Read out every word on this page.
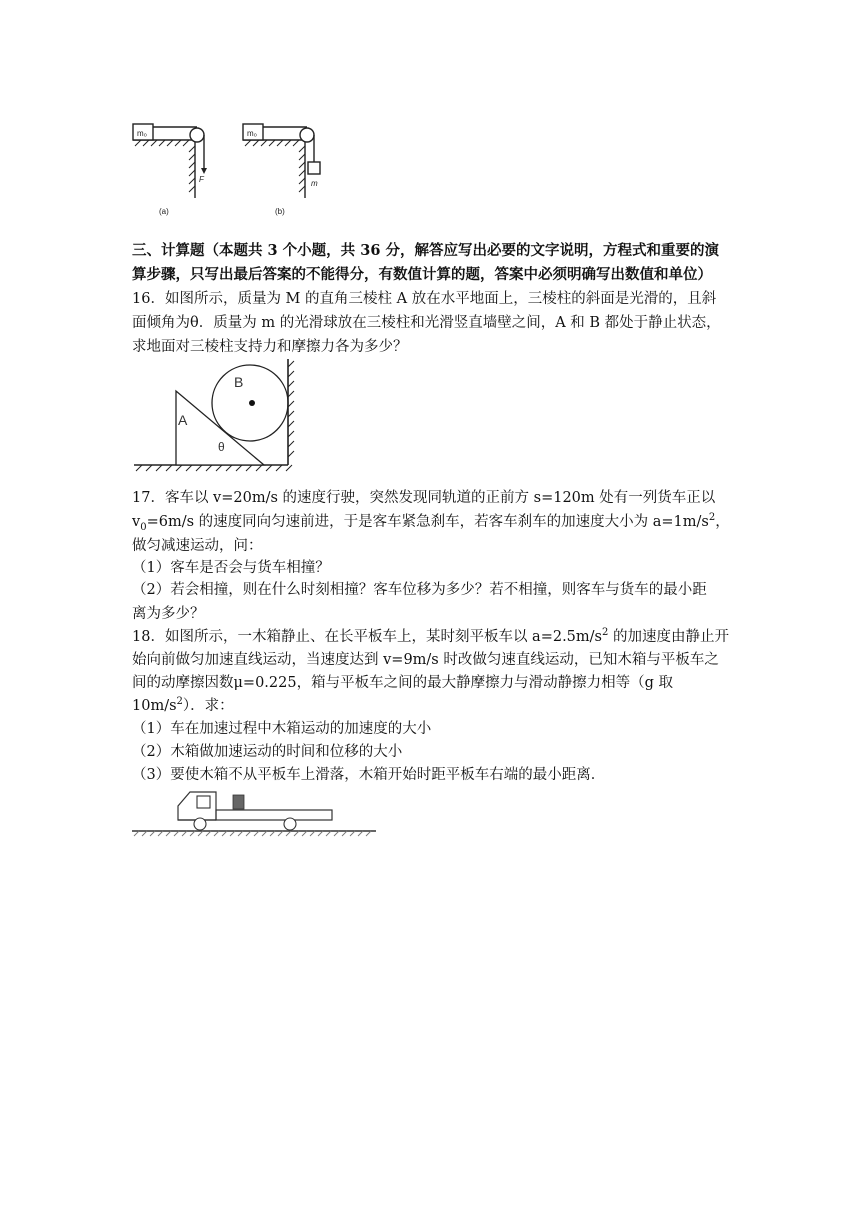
m₀
F
(a)
m₀
m
(b)
三、计算题（本题共 3 个小题，共 36 分，解答应写出必要的文字说明，方程式和重要的演
算步骤，只写出最后答案的不能得分，有数值计算的题，答案中必须明确写出数值和单位）
16．如图所示，质量为 M 的直角三棱柱 A 放在水平地面上，三棱柱的斜面是光滑的，且斜
面倾角为θ．质量为 m 的光滑球放在三棱柱和光滑竖直墙壁之间，A 和 B 都处于静止状态，
求地面对三棱柱支持力和摩擦力各为多少？
A
B
θ
17．客车以 v=20m/s 的速度行驶，突然发现同轨道的正前方 s=120m 处有一列货车正以
$v_0=6m/s$ 的速度同向匀速前进，于是客车紧急刹车，若客车刹车的加速度大小为 $a=1m/s^2$，
做匀减速运动，问：
（1）客车是否会与货车相撞？
（2）若会相撞，则在什么时刻相撞？客车位移为多少？若不相撞，则客车与货车的最小距
离为多少？
18．如图所示，一木箱静止、在长平板车上，某时刻平板车以 $a=2.5m/s^2$ 的加速度由静止开
始向前做匀加速直线运动，当速度达到 v=9m/s 时改做匀速直线运动，已知木箱与平板车之
间的动摩擦因数μ=0.225，箱与平板车之间的最大静摩擦力与滑动静擦力相等（g 取
$10m/s^2$）．求：
（1）车在加速过程中木箱运动的加速度的大小
（2）木箱做加速运动的时间和位移的大小
（3）要使木箱不从平板车上滑落，木箱开始时距平板车右端的最小距离．
